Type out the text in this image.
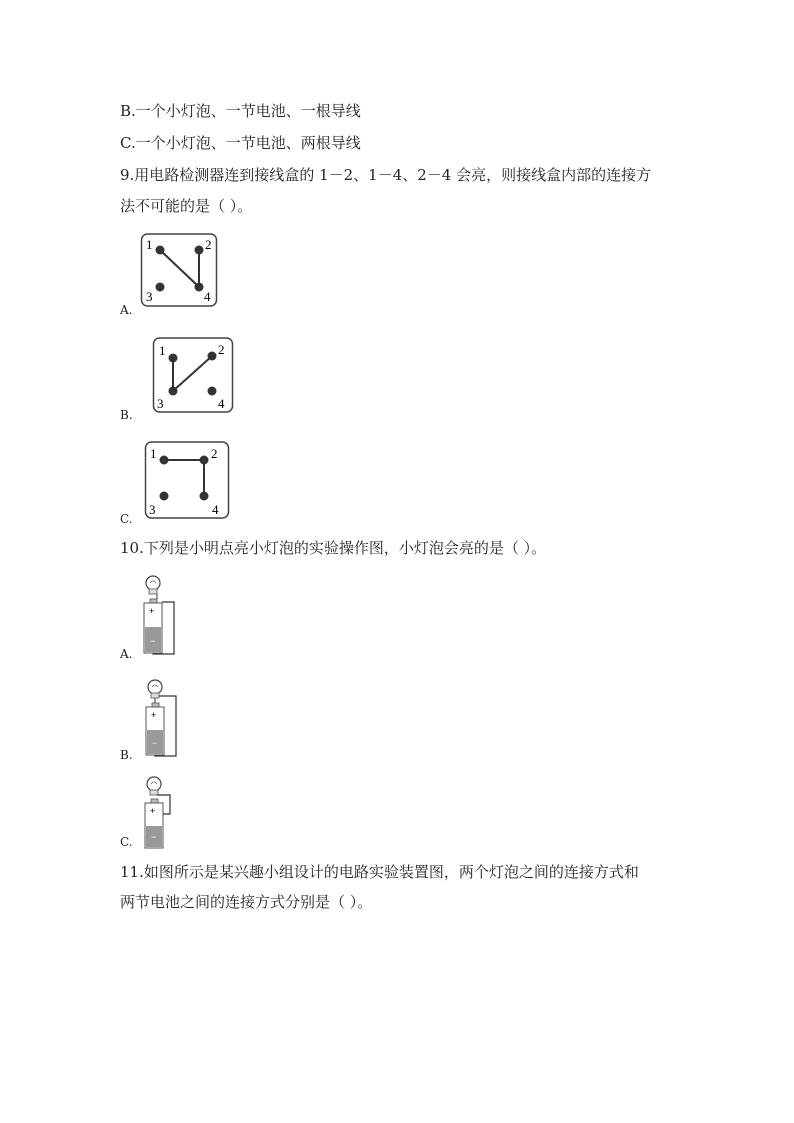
B.一个小灯泡、一节电池、一根导线
C.一个小灯泡、一节电池、两根导线
9.用电路检测器连到接线盒的 1－2、1－4、2－4 会亮，则接线盒内部的连接方
法不可能的是（ ）。
1	2
3	4
A.
1	2
3	4
B.
1	2
3	4
C.
10.下列是小明点亮小灯泡的实验操作图，小灯泡会亮的是（ ）。
+
−
A.
+
−
B.
+
−
C.
11.如图所示是某兴趣小组设计的电路实验装置图，两个灯泡之间的连接方式和
两节电池之间的连接方式分别是（ ）。
